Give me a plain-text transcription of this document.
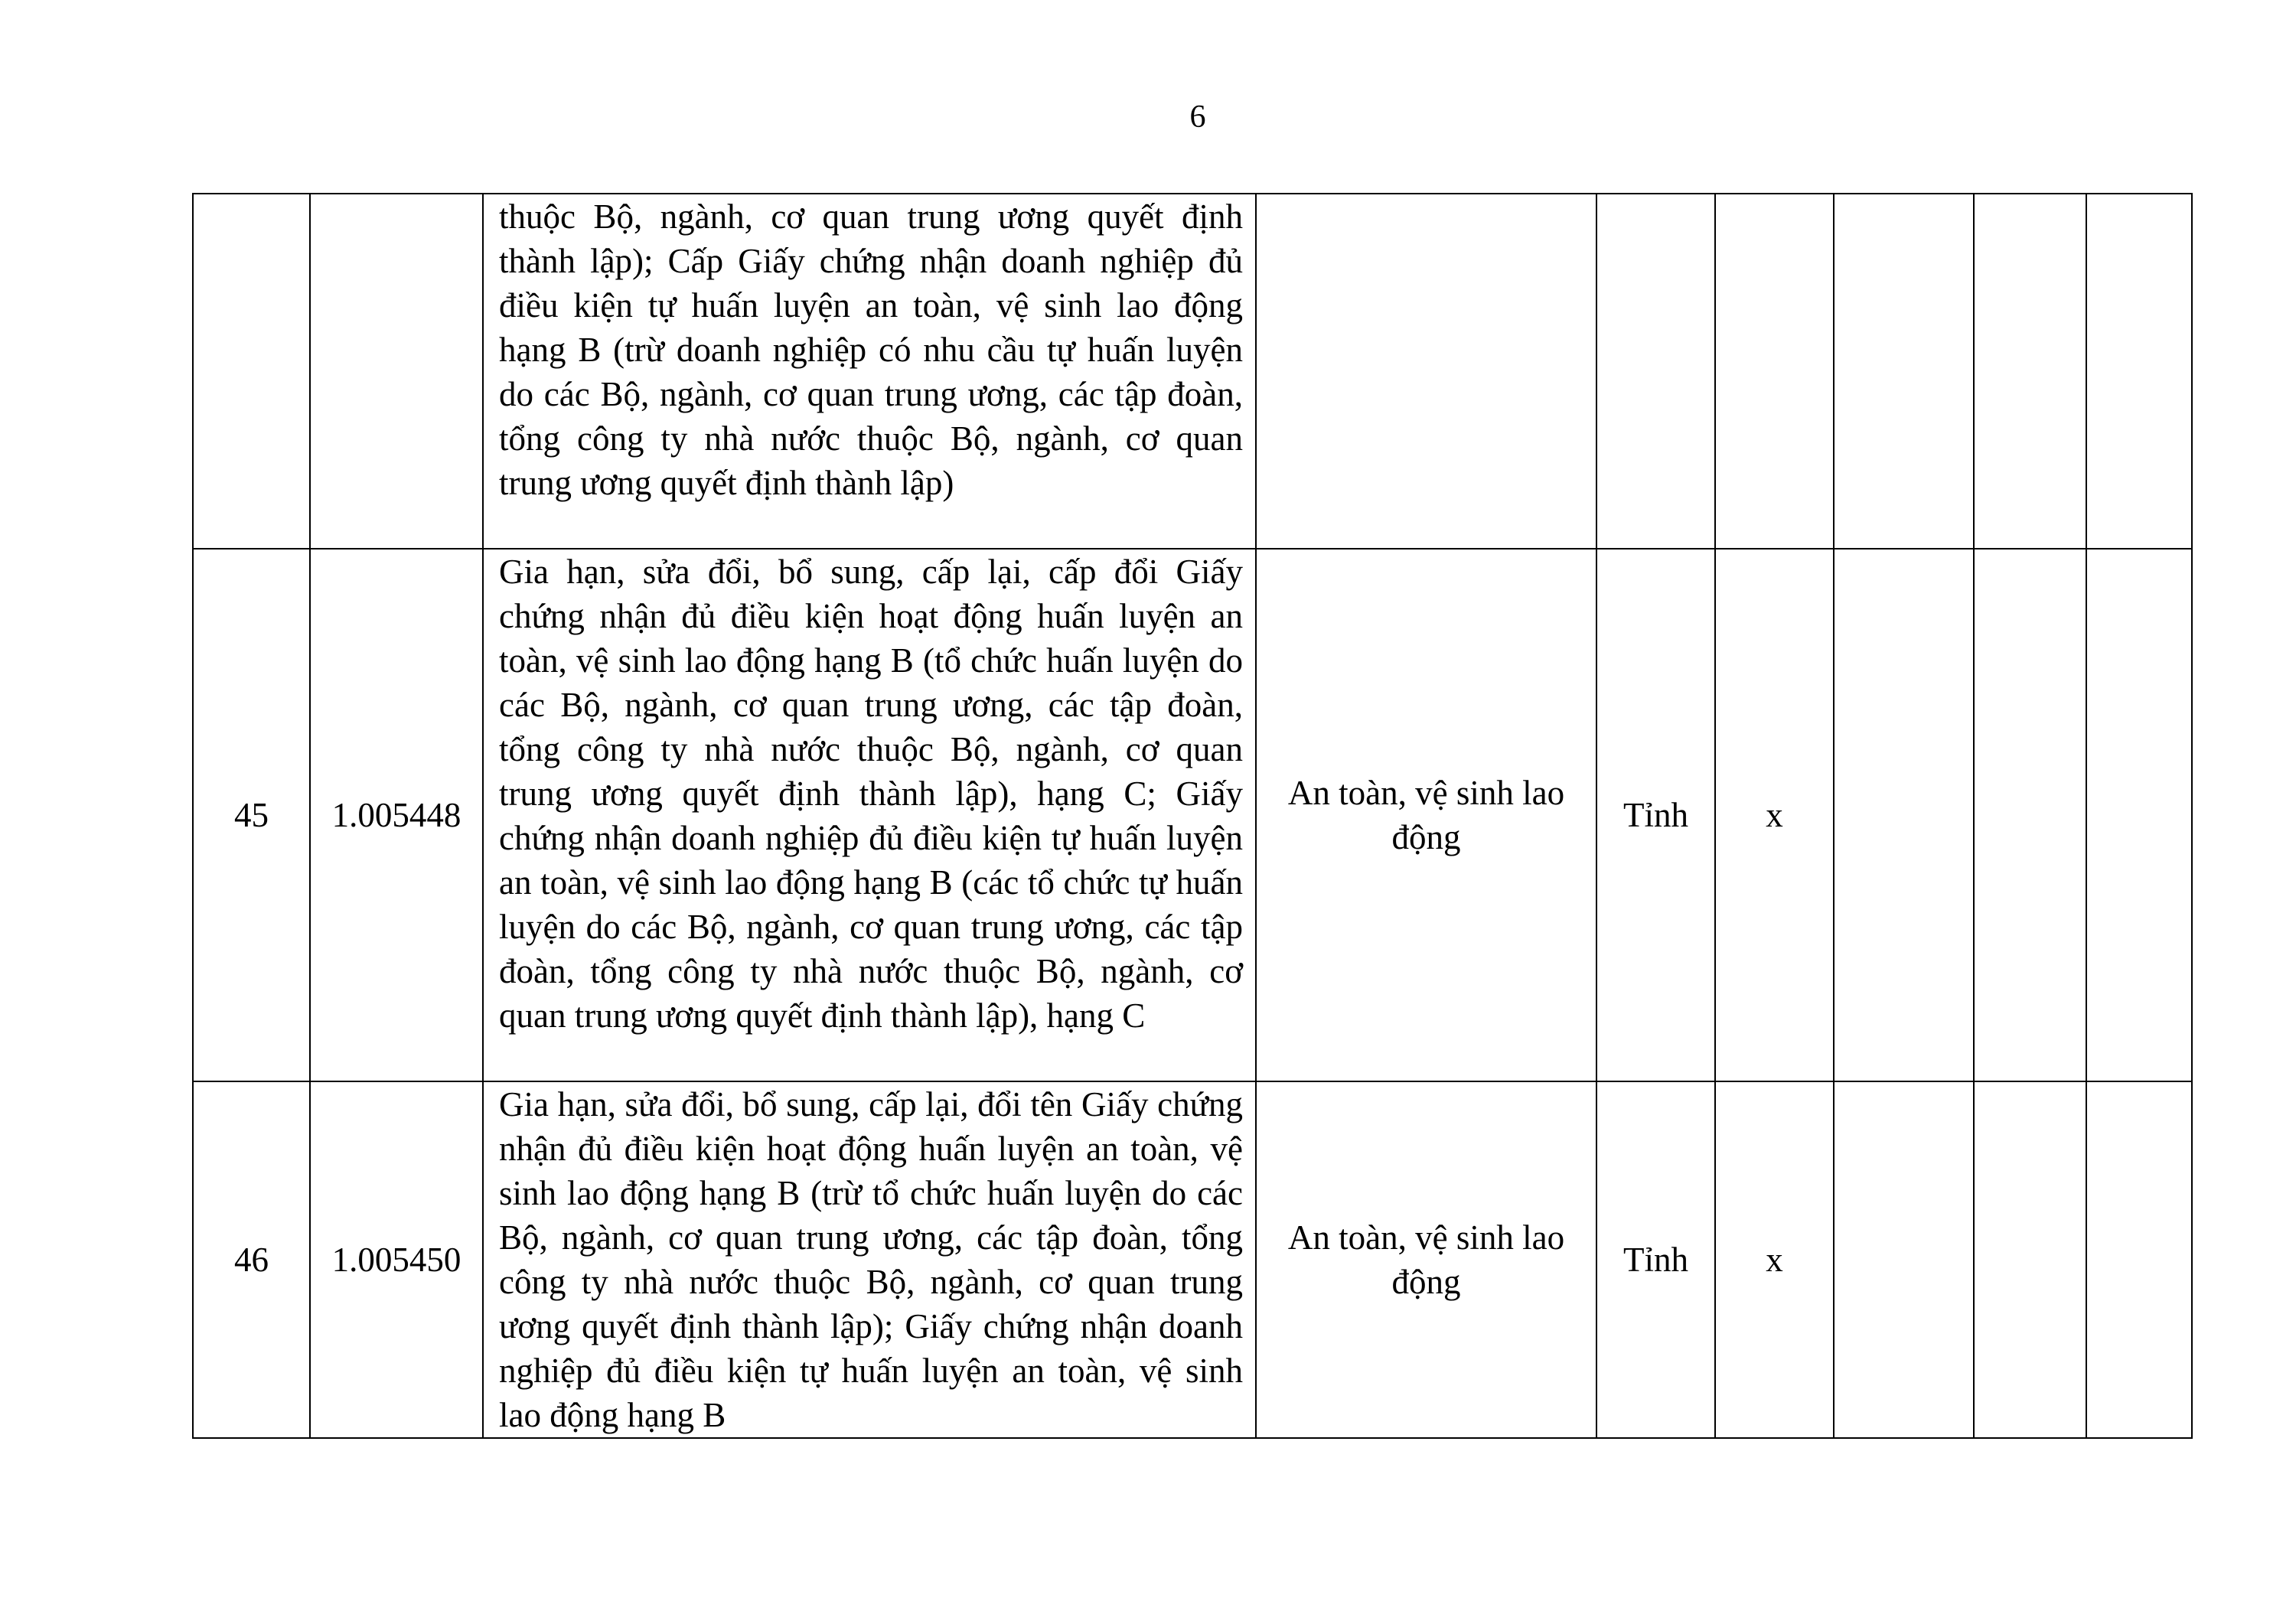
6
		thuộc Bộ, ngành, cơ quan trung ương quyết định thành lập); Cấp Giấy chứng nhận doanh nghiệp đủ điều kiện tự huấn luyện an toàn, vệ sinh lao động hạng B (trừ doanh nghiệp có nhu cầu tự huấn luyện do các Bộ, ngành, cơ quan trung ương, các tập đoàn, tổng công ty nhà nước thuộc Bộ, ngành, cơ quan trung ương quyết định thành lập)						
45	1.005448	Gia hạn, sửa đổi, bổ sung, cấp lại, cấp đổi Giấy chứng nhận đủ điều kiện hoạt động huấn luyện an toàn, vệ sinh lao động hạng B (tổ chức huấn luyện do các Bộ, ngành, cơ quan trung ương, các tập đoàn, tổng công ty nhà nước thuộc Bộ, ngành, cơ quan trung ương quyết định thành lập), hạng C; Giấy chứng nhận doanh nghiệp đủ điều kiện tự huấn luyện an toàn, vệ sinh lao động hạng B (các tổ chức tự huấn luyện do các Bộ, ngành, cơ quan trung ương, các tập đoàn, tổng công ty nhà nước thuộc Bộ, ngành, cơ quan trung ương quyết định thành lập), hạng C	An toàn, vệ sinh lao động	Tỉnh	x			
46	1.005450	Gia hạn, sửa đổi, bổ sung, cấp lại, đổi tên Giấy chứng nhận đủ điều kiện hoạt động huấn luyện an toàn, vệ sinh lao động hạng B (trừ tổ chức huấn luyện do các Bộ, ngành, cơ quan trung ương, các tập đoàn, tổng công ty nhà nước thuộc Bộ, ngành, cơ quan trung ương quyết định thành lập); Giấy chứng nhận doanh nghiệp đủ điều kiện tự huấn luyện an toàn, vệ sinh lao động hạng B	An toàn, vệ sinh lao động	Tỉnh	x			
